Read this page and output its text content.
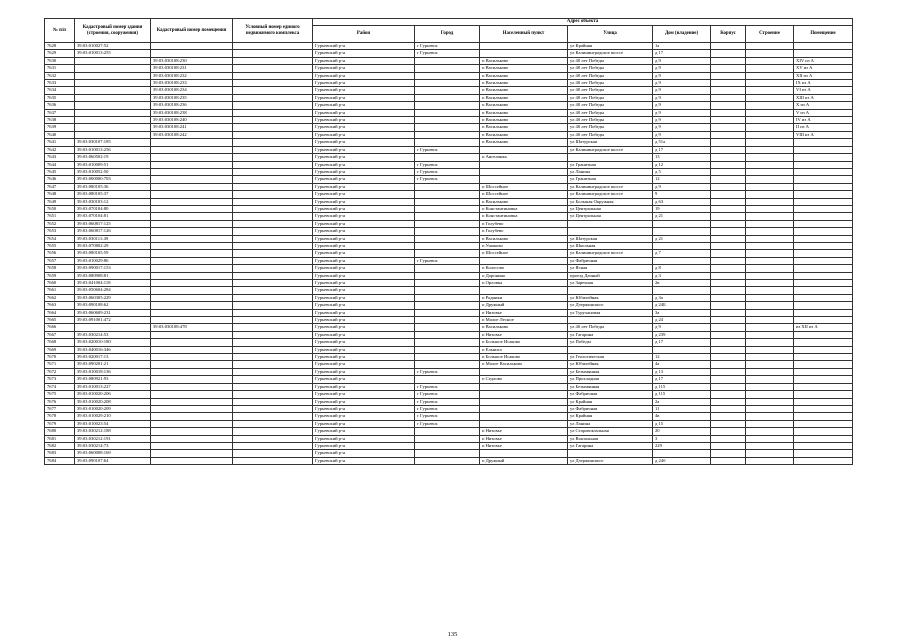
№ п/п	Кадастровый номер здания (строения, сооружения)	Кадастровый номер помещения	Условный номер единого недвижимого комплекса	Адрес объекта							
				Район	Город	Населенный пункт	Улица	Дом (владение)	Корпус	Строение	Помещение
7628	39:03:010027:52			Гурьевский р-н	г Гурьевск		ул Крайняя	1а			
7629	39:03:010013:255			Гурьевский р-н	г Гурьевск		ул Калининградское шоссе	д 17			
7630		39:03:030108:230		Гурьевский р-н		п Васильково	ул 40 лет Победы	д 9			XIV из А
7631		39:03:030108:231		Гурьевский р-н		п Васильково	ул 40 лет Победы	д 9			XV из А
7632		39:03:030108:232		Гурьевский р-н		п Васильково	ул 40 лет Победы	д 9			XII из А
7633		39:03:030108:233		Гурьевский р-н		п Васильково	ул 40 лет Победы	д 9			IX из А
7634		39:03:030108:234		Гурьевский р-н		п Васильково	ул 40 лет Победы	д 9			VI из А
7635		39:03:030108:235		Гурьевский р-н		п Васильково	ул 40 лет Победы	д 9			XIII из А
7636		39:03:030108:236		Гурьевский р-н		п Васильково	ул 40 лет Победы	д 9			X из А
7637		39:03:030108:238		Гурьевский р-н		п Васильково	ул 40 лет Победы	д 9			V из А
7638		39:03:030108:240		Гурьевский р-н		п Васильково	ул 40 лет Победы	д 9			IV из А
7639		39:03:030108:241		Гурьевский р-н		п Васильково	ул 40 лет Победы	д 9			II из А
7640		39:03:030108:242		Гурьевский р-н		п Васильково	ул 40 лет Победы	д 9			VIII из А
7641	39:03:030107:185			Гурьевский р-н		п Васильково	ул Шатурская	д 51а			
7642	39:03:010013:256			Гурьевский р-н	г Гурьевск		ул Калининградское шоссе	д 17			
7643	39:03:060502:19			Гурьевский р-н		п Ангелинка		13			
7644	39:03:010009:51			Гурьевский р-н	г Гурьевск		ул Гранитная	д 12			
7645	39:03:010052:50			Гурьевский р-н	г Гурьевск		ул Ланина	д 5			
7646	39:03:000000:703			Гурьевский р-н	г Гурьевск		ул Гранитная	12			
7647	39:03:080105:36			Гурьевский р-н		п Шоссейное	ул Калининградское шоссе	д 9			
7648	39:03:080105:37			Гурьевский р-н		п Шоссейное	ул Калининградское шоссе	9			
7649	39:03:030103:12			Гурьевский р-н		п Васильково	ул Большая Окружная	д 63			
7650	39:03:070104:80			Гурьевский р-н		п Константиновка	ул Центральная	19			
7651	39:03:070104:81			Гурьевский р-н		п Константиновка	ул Центральная	д 21			
7652	39:03:060817:125			Гурьевский р-н		п Голубево					
7653	39:03:060817:126			Гурьевский р-н		п Голубево					
7654	39:03:030111:49			Гурьевский р-н		п Васильково	ул Шатурская	д 21			
7655	39:03:070802:29			Гурьевский р-н		п Ушаково	ул Школьная				
7656	39:03:080105:59			Гурьевский р-н		п Шоссейное	ул Калининградское шоссе	д 7			
7657	39:03:010029:86			Гурьевский р-н	г Гурьевск		ул Фабричная				
7658	39:03:090017:153			Гурьевский р-н		п Колосово	ул Ясная	д 8			
7659	39:03:080908:81			Гурьевский р-н		п Доронино	проезд Дачный	д 3			
7660	39:03:041004:118			Гурьевский р-н		п Орловка	ул Заречная	2в			
7661	39:03:050604:284			Гурьевский р-н							
7662	39:03:060305:229			Гурьевский р-н		п Родники	ул Юбилейная	д 3а			
7663	39:03:090108:62			Гурьевский р-н		п Дружный	ул Дзержинского	д 24Б			
7664	39:03:060609:231			Гурьевский р-н		п Низовье	ул Турухановая	3а			
7665	39:03:091001:472			Гурьевский р-н		п Малое Лесное		д 24			
7666		39:03:030108:478		Гурьевский р-н		п Васильково	ул 40 лет Победы	д 9			из XII из А
7667	39:03:030214:53			Гурьевский р-н		п Низовье	ул Гагарина	д 239			
7668	39:03:020010:180			Гурьевский р-н		п Большое Исаково	ул Победы	д 17			
7669	39:03:040016:346			Гурьевский р-н		п Ельнига					
7670	39:03:020017:13			Гурьевский р-н		п Большое Исаково	ул Геологическая	12			
7671	39:03:090201:21			Гурьевский р-н		п Малое Васильково	ул Юбилейная	4а			
7672	39:03:010018:136			Гурьевский р-н	г Гурьевск		ул Безымянная	д 13			
7673	39:03:080921:93			Гурьевский р-н		п Седлово	ул Прохладная	д 17			
7674	39:03:010013:227			Гурьевский р-н	г Гурьевск		ул Безымянная	д 115			
7675	39:03:010020:206			Гурьевский р-н	г Гурьевск		ул Фабричная	д 115			
7676	39:03:010020:208			Гурьевский р-н	г Гурьевск		ул Крайняя	2а			
7677	39:03:010020:209			Гурьевский р-н	г Гурьевск		ул Фабричная	11			
7678	39:03:010029:210			Гурьевский р-н	г Гурьевск		ул Крайняя	4в			
7679	39:03:010023:54			Гурьевский р-н	г Гурьевск		ул Ланина	д 15			
7680	39:03:030212:188			Гурьевский р-н		п Низовье	ул Старовокзальная	20			
7681	39:03:030212:191			Гурьевский р-н		п Низовье	ул Вокзальная	3			
7682	39:03:030214:73			Гурьевский р-н		п Низовье	ул Гагарина	229			
7683	39:03:060008:169			Гурьевский р-н							
7684	39:03:090107:64			Гурьевский р-н		п Дружный	ул Дзержинского	д 24б			
135
